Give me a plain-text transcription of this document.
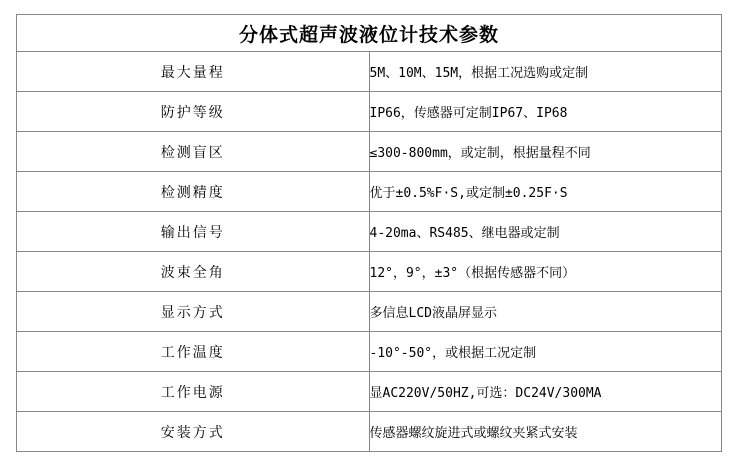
分体式超声波液位计技术参数	
最大量程	5M、10M、15M，根据工况选购或定制
防护等级	IP66，传感器可定制IP67、IP68
检测盲区	≤300-800mm，或定制，根据量程不同
检测精度	优于±0.5%F·S,或定制±0.25F·S
输出信号	4-20ma、RS485、继电器或定制
波束全角	12°，9°，±3°（根据传感器不同）
显示方式	多信息LCD液晶屏显示
工作温度	-10°-50°，或根据工况定制
工作电源	显AC220V/50HZ,可选：DC24V/300MA
安装方式	传感器螺纹旋进式或螺纹夹紧式安装
